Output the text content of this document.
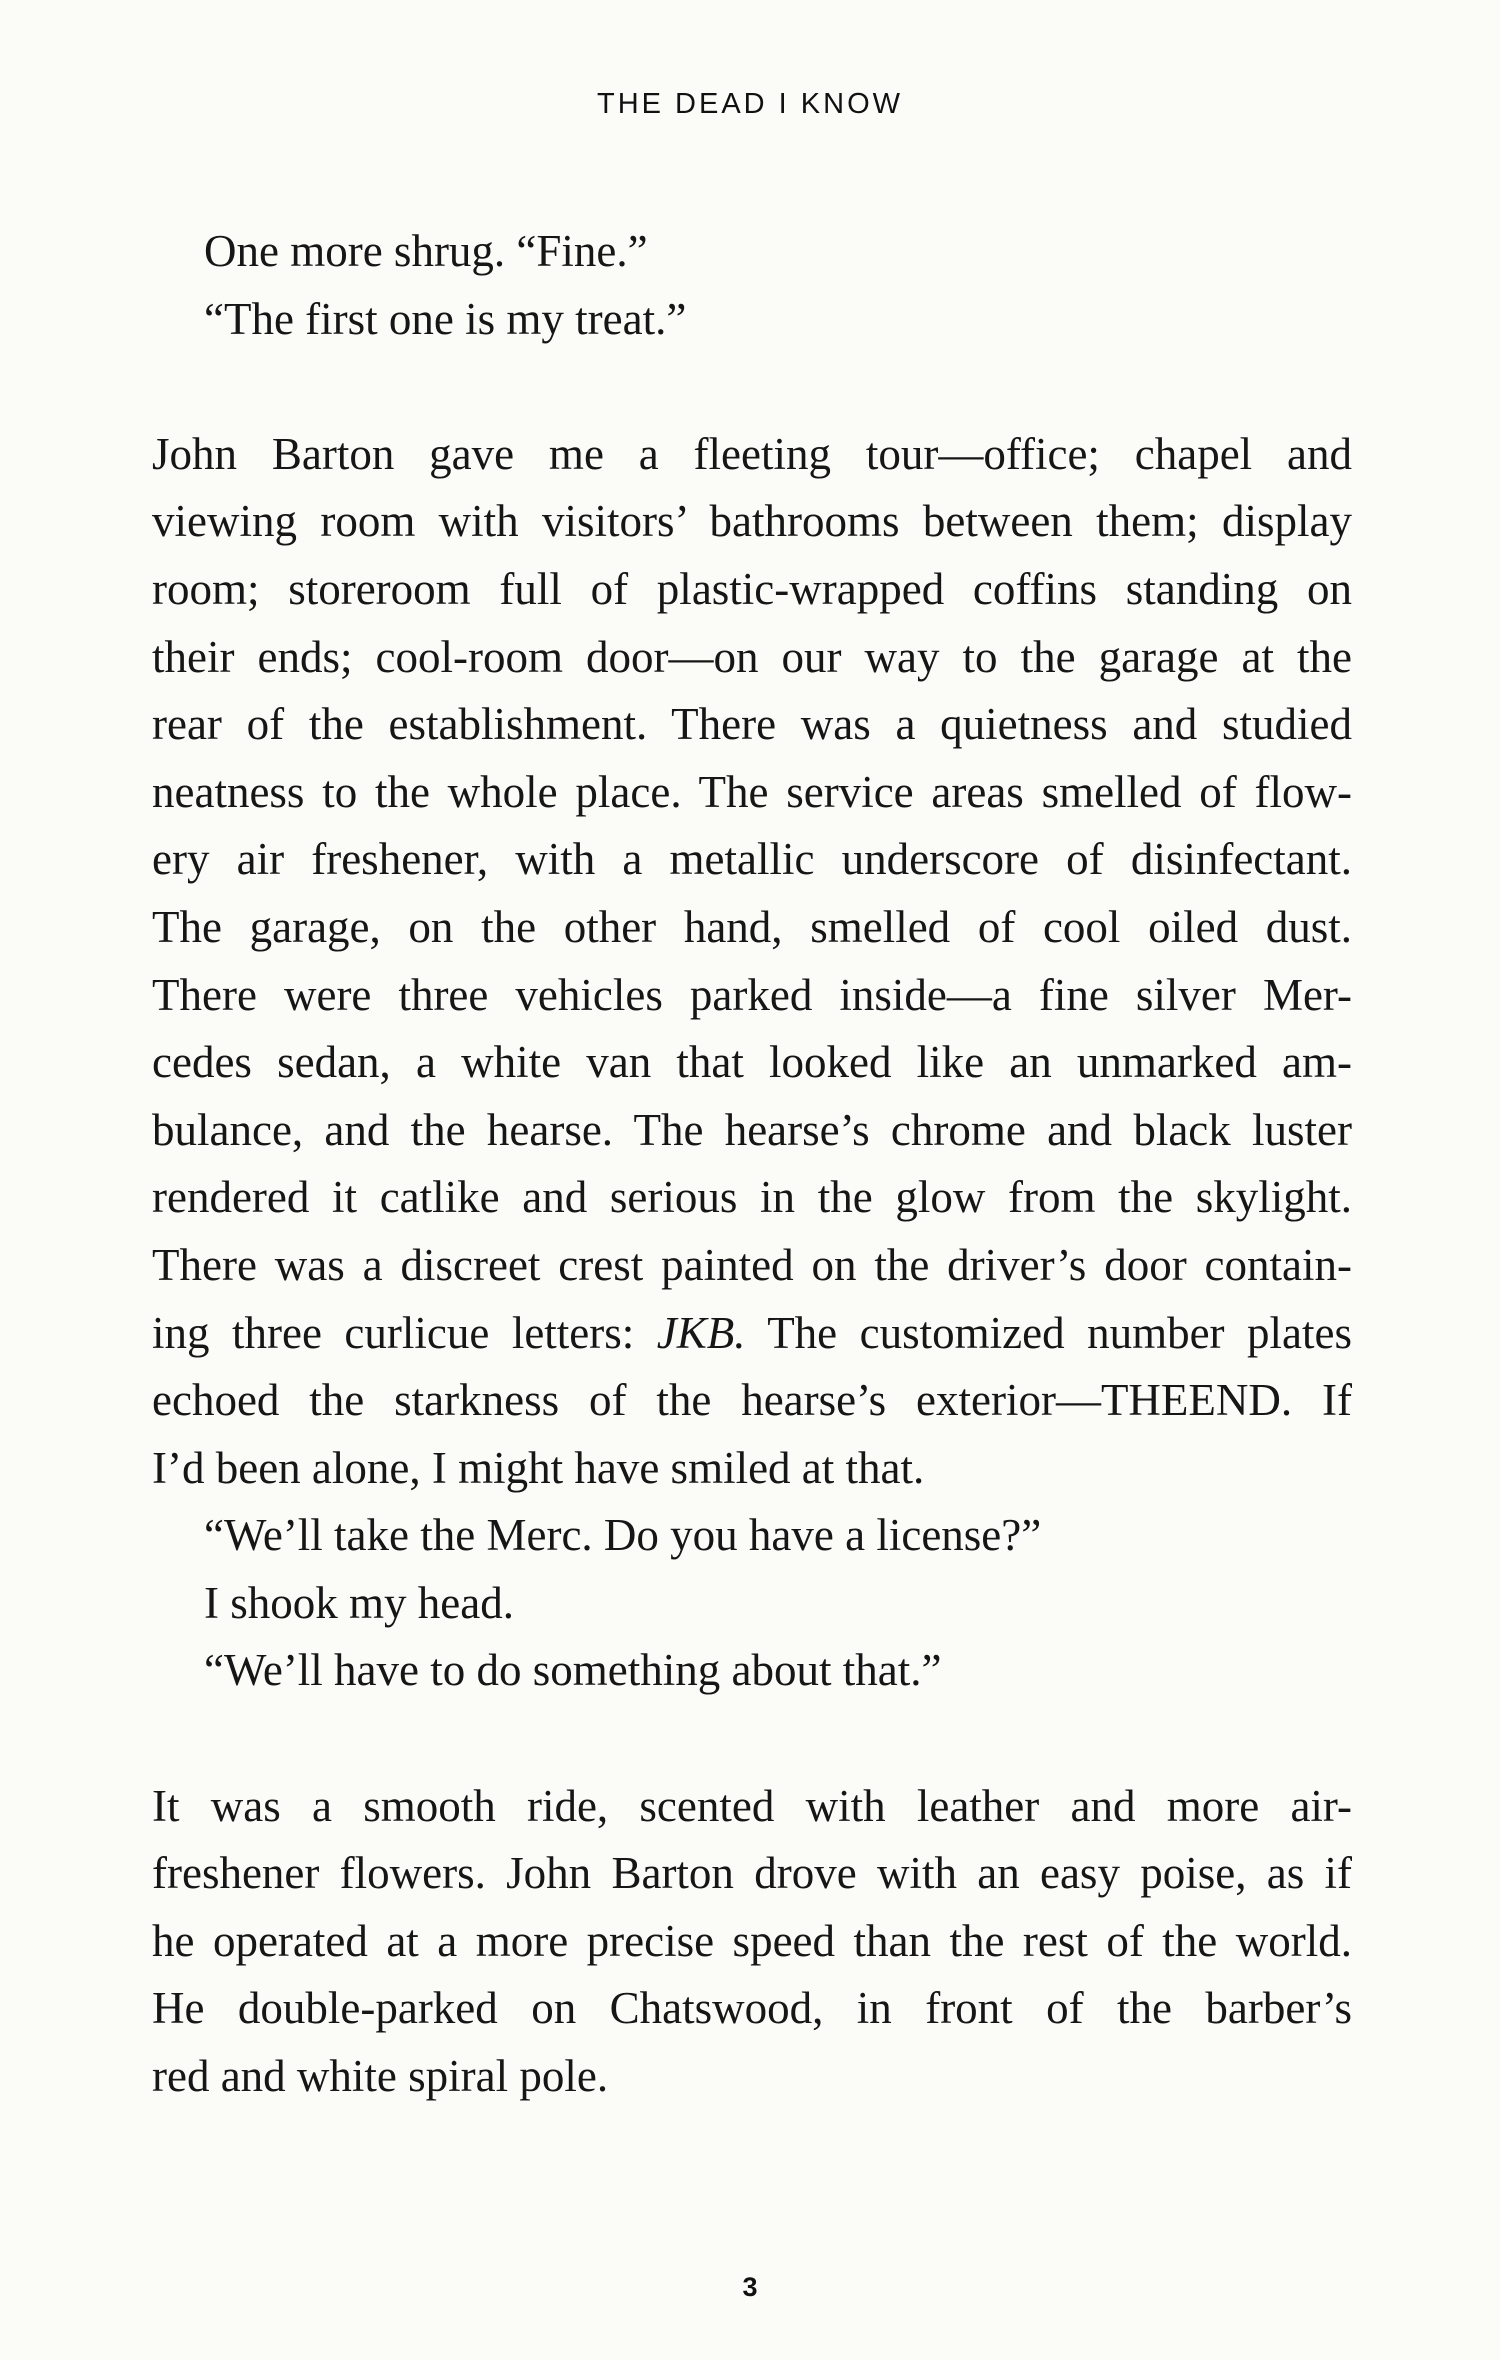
THE DEAD I KNOW
One more shrug. “Fine.”
“The first one is my treat.”
John Barton gave me a fleeting tour—office; chapel and
viewing room with visitors’ bathrooms between them; display
room; storeroom full of plastic-wrapped coffins standing on
their ends; cool-room door—on our way to the garage at the
rear of the establishment. There was a quietness and studied
neatness to the whole place. The service areas smelled of flow-
ery air freshener, with a metallic underscore of disinfectant.
The garage, on the other hand, smelled of cool oiled dust.
There were three vehicles parked inside—a fine silver Mer-
cedes sedan, a white van that looked like an unmarked am-
bulance, and the hearse. The hearse’s chrome and black luster
rendered it catlike and serious in the glow from the skylight.
There was a discreet crest painted on the driver’s door contain-
ing three curlicue letters: JKB. The customized number plates
echoed the starkness of the hearse’s exterior—THEEND. If
I’d been alone, I might have smiled at that.
“We’ll take the Merc. Do you have a license?”
I shook my head.
“We’ll have to do something about that.”
It was a smooth ride, scented with leather and more air-
freshener flowers. John Barton drove with an easy poise, as if
he operated at a more precise speed than the rest of the world.
He double-parked on Chatswood, in front of the barber’s
red and white spiral pole.
3
